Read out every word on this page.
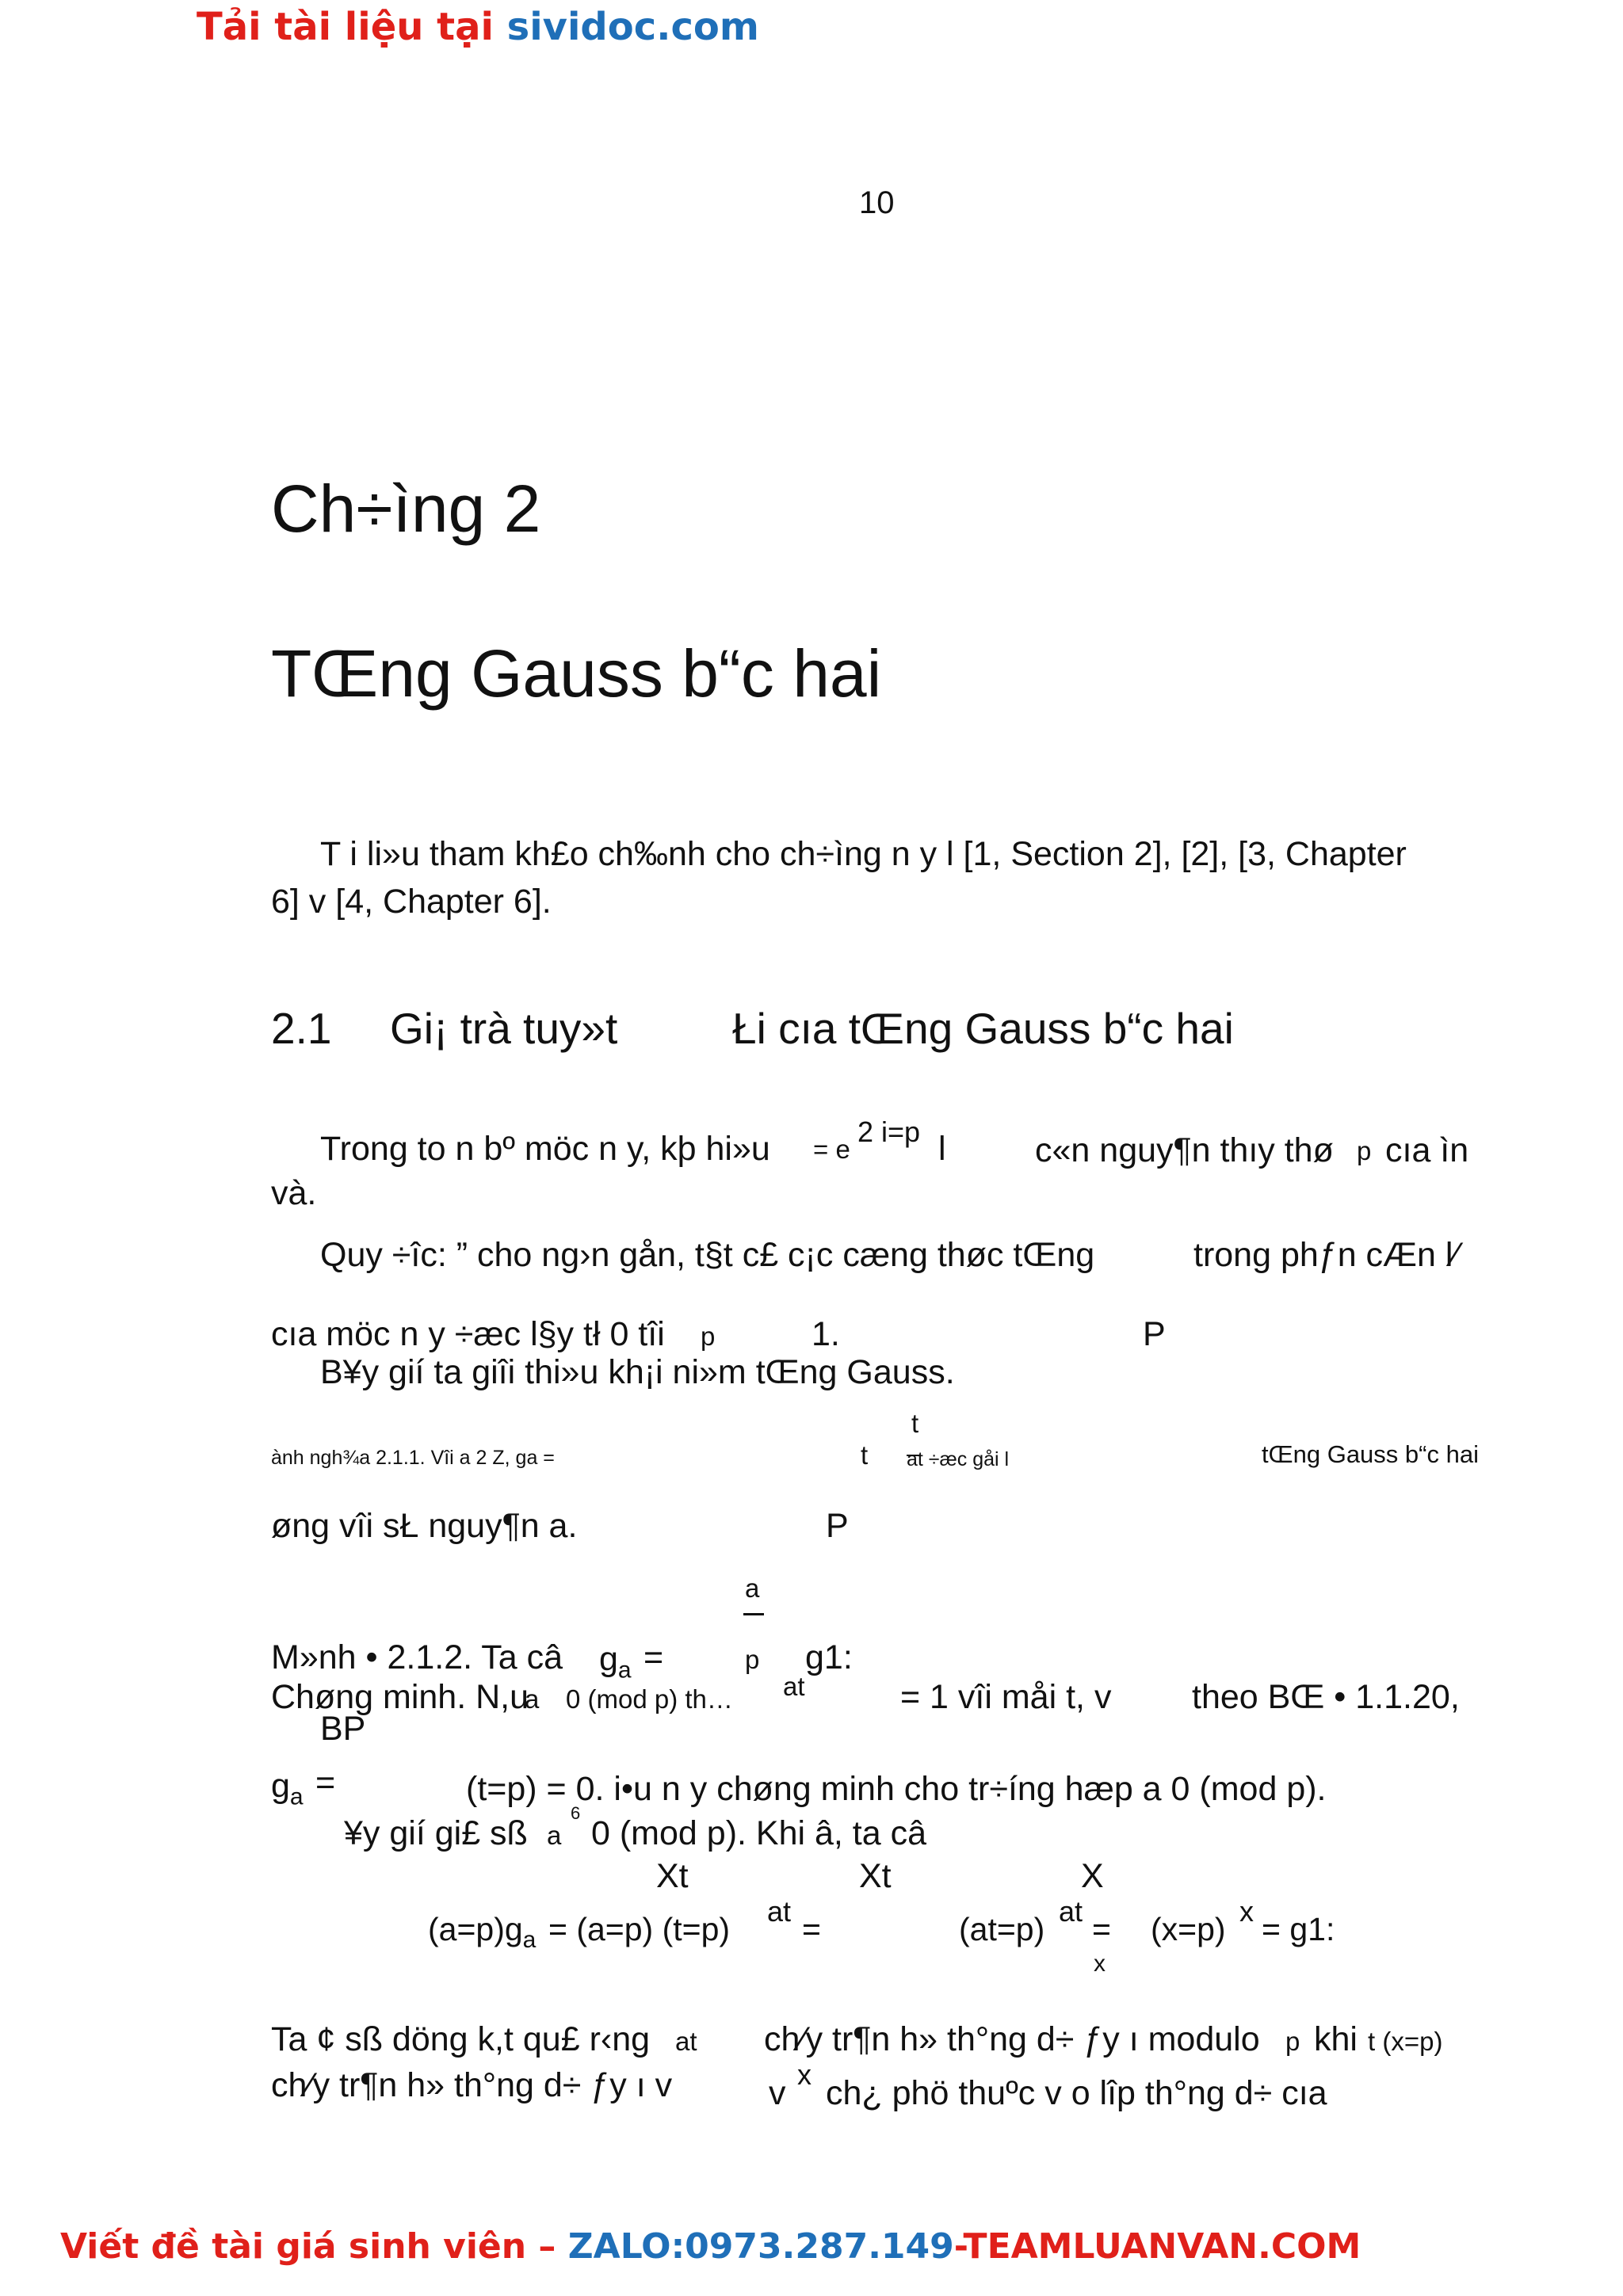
Tải tài liệu tại sividoc.com
10
Ch÷ìng 2
TŒng Gauss b“c hai
T i li»u tham kh£o ch‰nh cho ch÷ìng n y l [1, Section 2], [2], [3, Chapter
6] v [4, Chapter 6].
2.1 Gi¡ trà tuy»t	Łi cıa tŒng Gauss b“c hai
Trong to n bº möc n y, kþ hi»u = e
2 i=p l	c«n nguy¶n thıy thø p cıa ìn
và.
Quy ÷îc: ” cho ng›n gån, t§t c£ c¡c cæng thøc tŒng	trong phƒn cÆn l⁄
cıa möc n y ÷æc l§y tł 0 tîi p	1.	P
B¥y gií ta giîi thi»u kh¡i ni»m tŒng Gauss.
t
ành ngh¾a 2.1.1. Vîi a 2 Z, ga =	t at ÷æc gåi l	tŒng Gauss b“c hai
øng vîi sŁ nguy¶n a.	P
a
p
M»nh • 2.1.2. Ta câ $g_a$ =	g1:
Chøng minh. N,u
a 0 (mod p) th… at	= 1 vîi måi t, v theo BŒ • 1.1.20,
BP
$g_a$ =	(t=p) = 0. i•u n y chøng minh cho tr÷íng hæp a 0 (mod p).
6
¥y gií gi£ sß a 0 (mod p). Khi â, ta câ
Xt	Xt	X
$(a=p)g_a = (a=p)$ (t=p) at =	(at=p) at = (x=p) x = g1:
x
Ta ¢ sß döng k,t qu£ r‹ng at ch⁄y tr¶n h» th°ng d÷ ƒy ı modulo p khi t (x=p)
ch⁄y tr¶n h» th°ng d÷ ƒy ı v	v x ch¿ phö thuºc v o lîp th°ng d÷ cıa
Viết đề tài giá sinh viên – ZALO:0973.287.149-TEAMLUANVAN.COM
